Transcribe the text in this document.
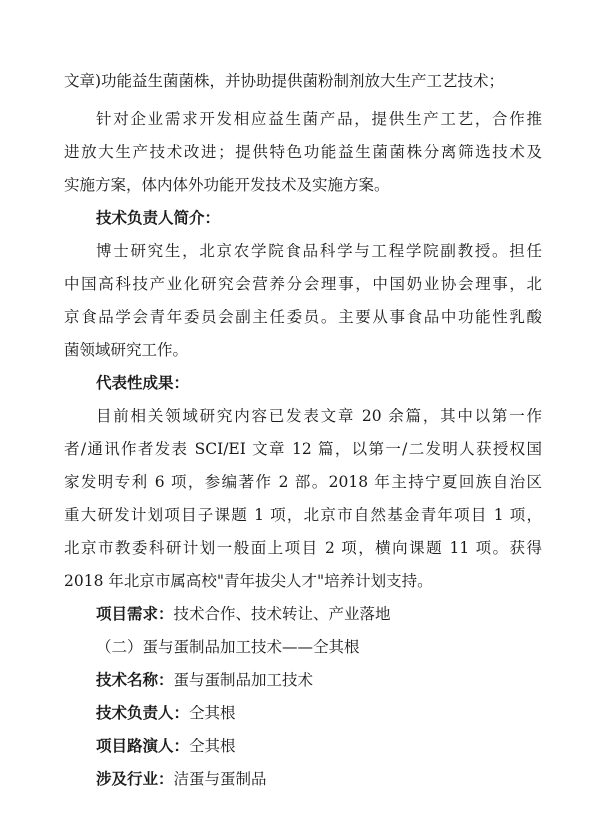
文章)功能益生菌菌株，并协助提供菌粉制剂放大生产工艺技术；
针对企业需求开发相应益生菌产品，提供生产工艺，合作推
进放大生产技术改进；提供特色功能益生菌菌株分离筛选技术及
实施方案，体内体外功能开发技术及实施方案。
技术负责人简介：
博士研究生，北京农学院食品科学与工程学院副教授。担任
中国高科技产业化研究会营养分会理事，中国奶业协会理事，北
京食品学会青年委员会副主任委员。主要从事食品中功能性乳酸
菌领域研究工作。
代表性成果：
目前相关领域研究内容已发表文章 20 余篇，其中以第一作
者/通讯作者发表 SCI/EI 文章 12 篇，以第一/二发明人获授权国
家发明专利 6 项，参编著作 2 部。2018 年主持宁夏回族自治区
重大研发计划项目子课题 1 项，北京市自然基金青年项目 1 项，
北京市教委科研计划一般面上项目 2 项，横向课题 11 项。获得
2018 年北京市属高校"青年拔尖人才"培养计划支持。
项目需求：技术合作、技术转让、产业落地
（二）蛋与蛋制品加工技术——仝其根
技术名称：蛋与蛋制品加工技术
技术负责人：仝其根
项目路演人：仝其根
涉及行业：洁蛋与蛋制品
